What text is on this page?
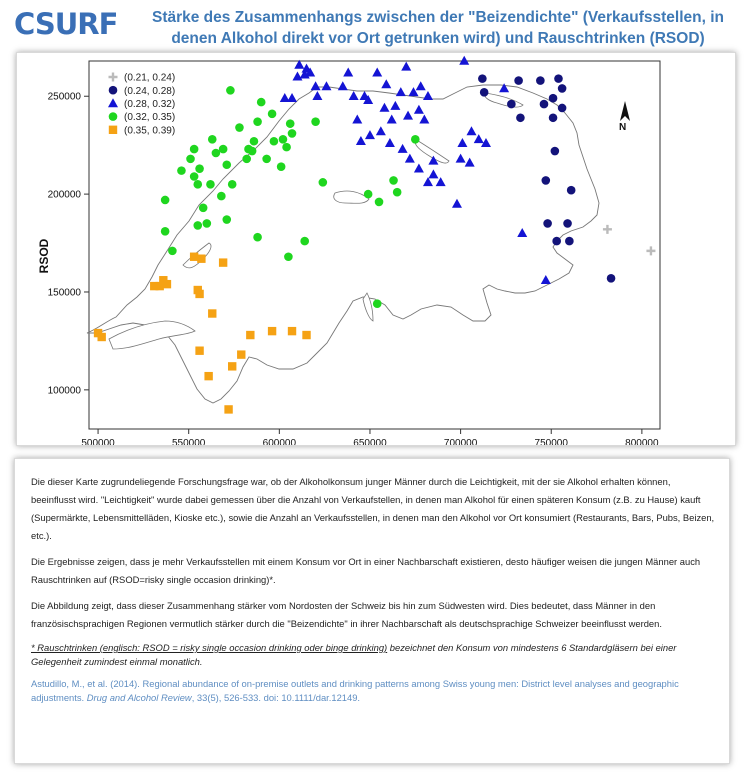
CSURF	Stärke des Zusammenhangs zwischen der "Beizendichte" (Verkaufsstellen, in denen Alkohol direkt vor Ort getrunken wird) und Rauschtrinken (RSOD)
500000	550000	600000	650000	700000	750000	800000
100000
150000
200000
250000
(0.21, 0.24)
(0.24, 0.28)
(0.28, 0.32)
(0.32, 0.35)
(0.35, 0.39)	N
RSOD

Die dieser Karte zugrundeliegende Forschungsfrage war, ob der Alkoholkonsum junger Männer durch die Leichtigkeit, mit der sie Alkohol erhalten können, beeinflusst wird. "Leichtigkeit" wurde dabei gemessen über die Anzahl von Verkaufstellen, in denen man Alkohol für einen späteren Konsum (z.B. zu Hause) kauft (Supermärkte, Lebensmittelläden, Kioske etc.), sowie die Anzahl an Verkaufsstellen, in denen man den Alkohol vor Ort konsumiert (Restaurants, Bars, Pubs, Beizen, etc.).

Die Ergebnisse zeigen, dass je mehr Verkaufsstellen mit einem Konsum vor Ort in einer Nachbarschaft existieren, desto häufiger weisen die jungen Männer auch Rauschtrinken auf (RSOD=risky single occasion drinking)*.

Die Abbildung zeigt, dass dieser Zusammenhang stärker vom Nordosten der Schweiz bis hin zum Südwesten wird. Dies bedeutet, dass Männer in den französischsprachigen Regionen vermutlich stärker durch die "Beizendichte" in ihrer Nachbarschaft als deutschsprachige Schweizer beeinflusst werden.

* Rauschtrinken (englisch: RSOD = risky single occasion drinking oder binge drinking) bezeichnet den Konsum von mindestens 6 Standardgläsern bei einer Gelegenheit zumindest einmal monatlich.

Astudillo, M., et al. (2014). Regional abundance of on-premise outlets and drinking patterns among Swiss young men: District level analyses and geographic adjustments. Drug and Alcohol Review, 33(5), 526-533. doi: 10.1111/dar.12149.
